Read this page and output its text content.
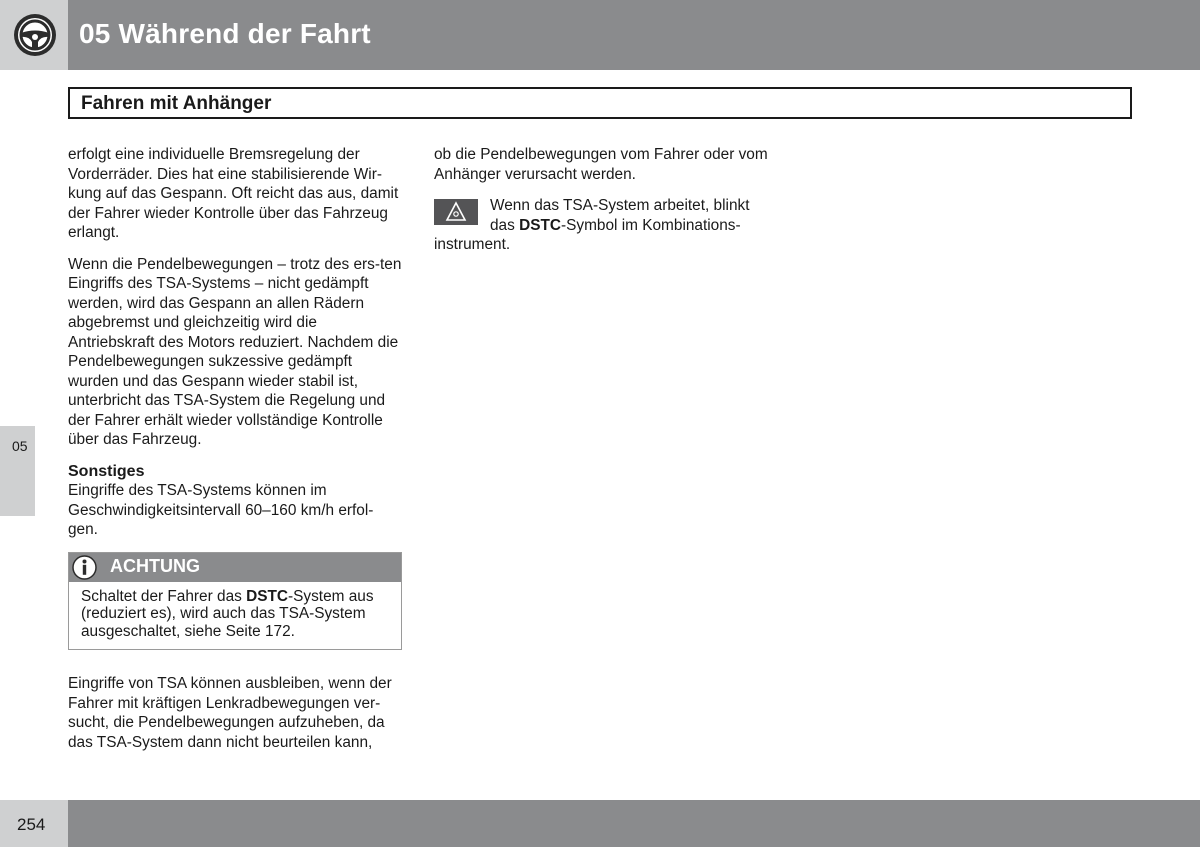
05 Während der Fahrt
Fahren mit Anhänger

erfolgt eine individuelle Bremsregelung der Vorderräder. Dies hat eine stabilisierende Wir-kung auf das Gespann. Oft reicht das aus, damit der Fahrer wieder Kontrolle über das Fahrzeug erlangt.

Wenn die Pendelbewegungen – trotz des ers-ten Eingriffs des TSA-Systems – nicht gedämpft werden, wird das Gespann an allen Rädern abgebremst und gleichzeitig wird die Antriebskraft des Motors reduziert. Nachdem die Pendelbewegungen sukzessive gedämpft wurden und das Gespann wieder stabil ist, unterbricht das TSA-System die Regelung und der Fahrer erhält wieder vollständige Kontrolle über das Fahrzeug.

Sonstiges

Eingriffe des TSA-Systems können im Geschwindigkeitsintervall 60–160 km/h erfol-gen.

ACHTUNG
Schaltet der Fahrer das DSTC-System aus (reduziert es), wird auch das TSA-System ausgeschaltet, siehe Seite 172.

Eingriffe von TSA können ausbleiben, wenn der Fahrer mit kräftigen Lenkradbewegungen ver-sucht, die Pendelbewegungen aufzuheben, da das TSA-System dann nicht beurteilen kann,

ob die Pendelbewegungen vom Fahrer oder vom Anhänger verursacht werden.

Wenn das TSA-System arbeitet, blinkt das DSTC-Symbol im Kombinations-instrument.
05
254
